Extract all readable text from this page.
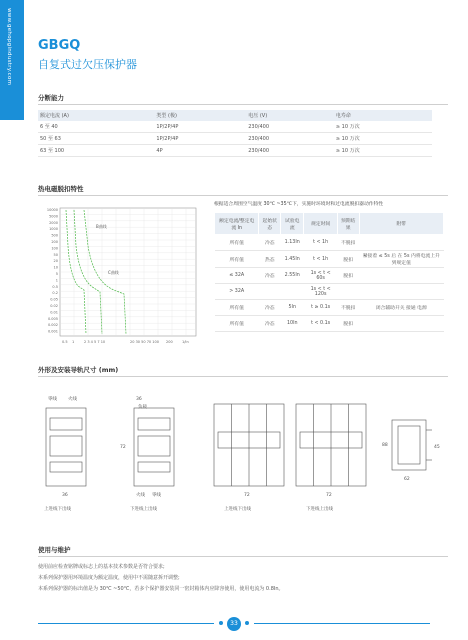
www.gehopgindustry.com GBGQ
自复式过欠压保护器
分断能力
额定电流 (A)	类型 (极)	电压 (V)	电寿命
6 至 40	1P/2P/4P	230/400	≥ 10 万次
50 至 63	1P/2P/4P	230/400	≥ 10 万次
63 至 100	4P	230/400	≥ 10 万次
热电磁脱扣特性
B曲线
C曲线
10000
5000
2000
1000
500
200
100
50
20
10
5
1
0.5
0.2
0.05
0.02
0.01
0.005
0.002
0.001
0.5 1	2 3 4 5 7 10	20 30 50 70 100 200	1/In
根据适合周围空气温度 30℃ ~35℃下，实施时环境时和过电流脱扣器动作特性
额定电流/整定电流 In	起始状态	试验电流	规定时间	预期结果	附带
所有值	冷态	1.13In	t < 1h	不脱扣	
所有值	热态	1.45In	t < 1h	脱扣	紧接着 ≤ 5s 后 在 5s 内将电流上升到规定值
≤ 32A	冷态	2.55In	1s < t < 60s	脱扣	
> 32A			1s < t < 120s		
所有值	冷态	5In	t ≥ 0.1s	不脱扣	闭合辅助开关 接通 电源
所有值	冷态	10In	t < 0.1s	脱扣	
外形及安装导轨尺寸 (mm)
零线 火线
36
36
负载
火线 零线
72
72	72
62
88	45
上进线下出线	下进线上出线	上进线下出线	下进线上出线
使用与维护
使用前应检查铭牌或标志上的基本技术参数是否符合要求;
本系列保护器用环境温度为额定温度，使用中不需随意拆开调整;
本系列保护器的标出值是为 30℃ ~50℃，若多个保护器安装同一密封箱体内应降容使用，使用电流为 0.8In。
33
